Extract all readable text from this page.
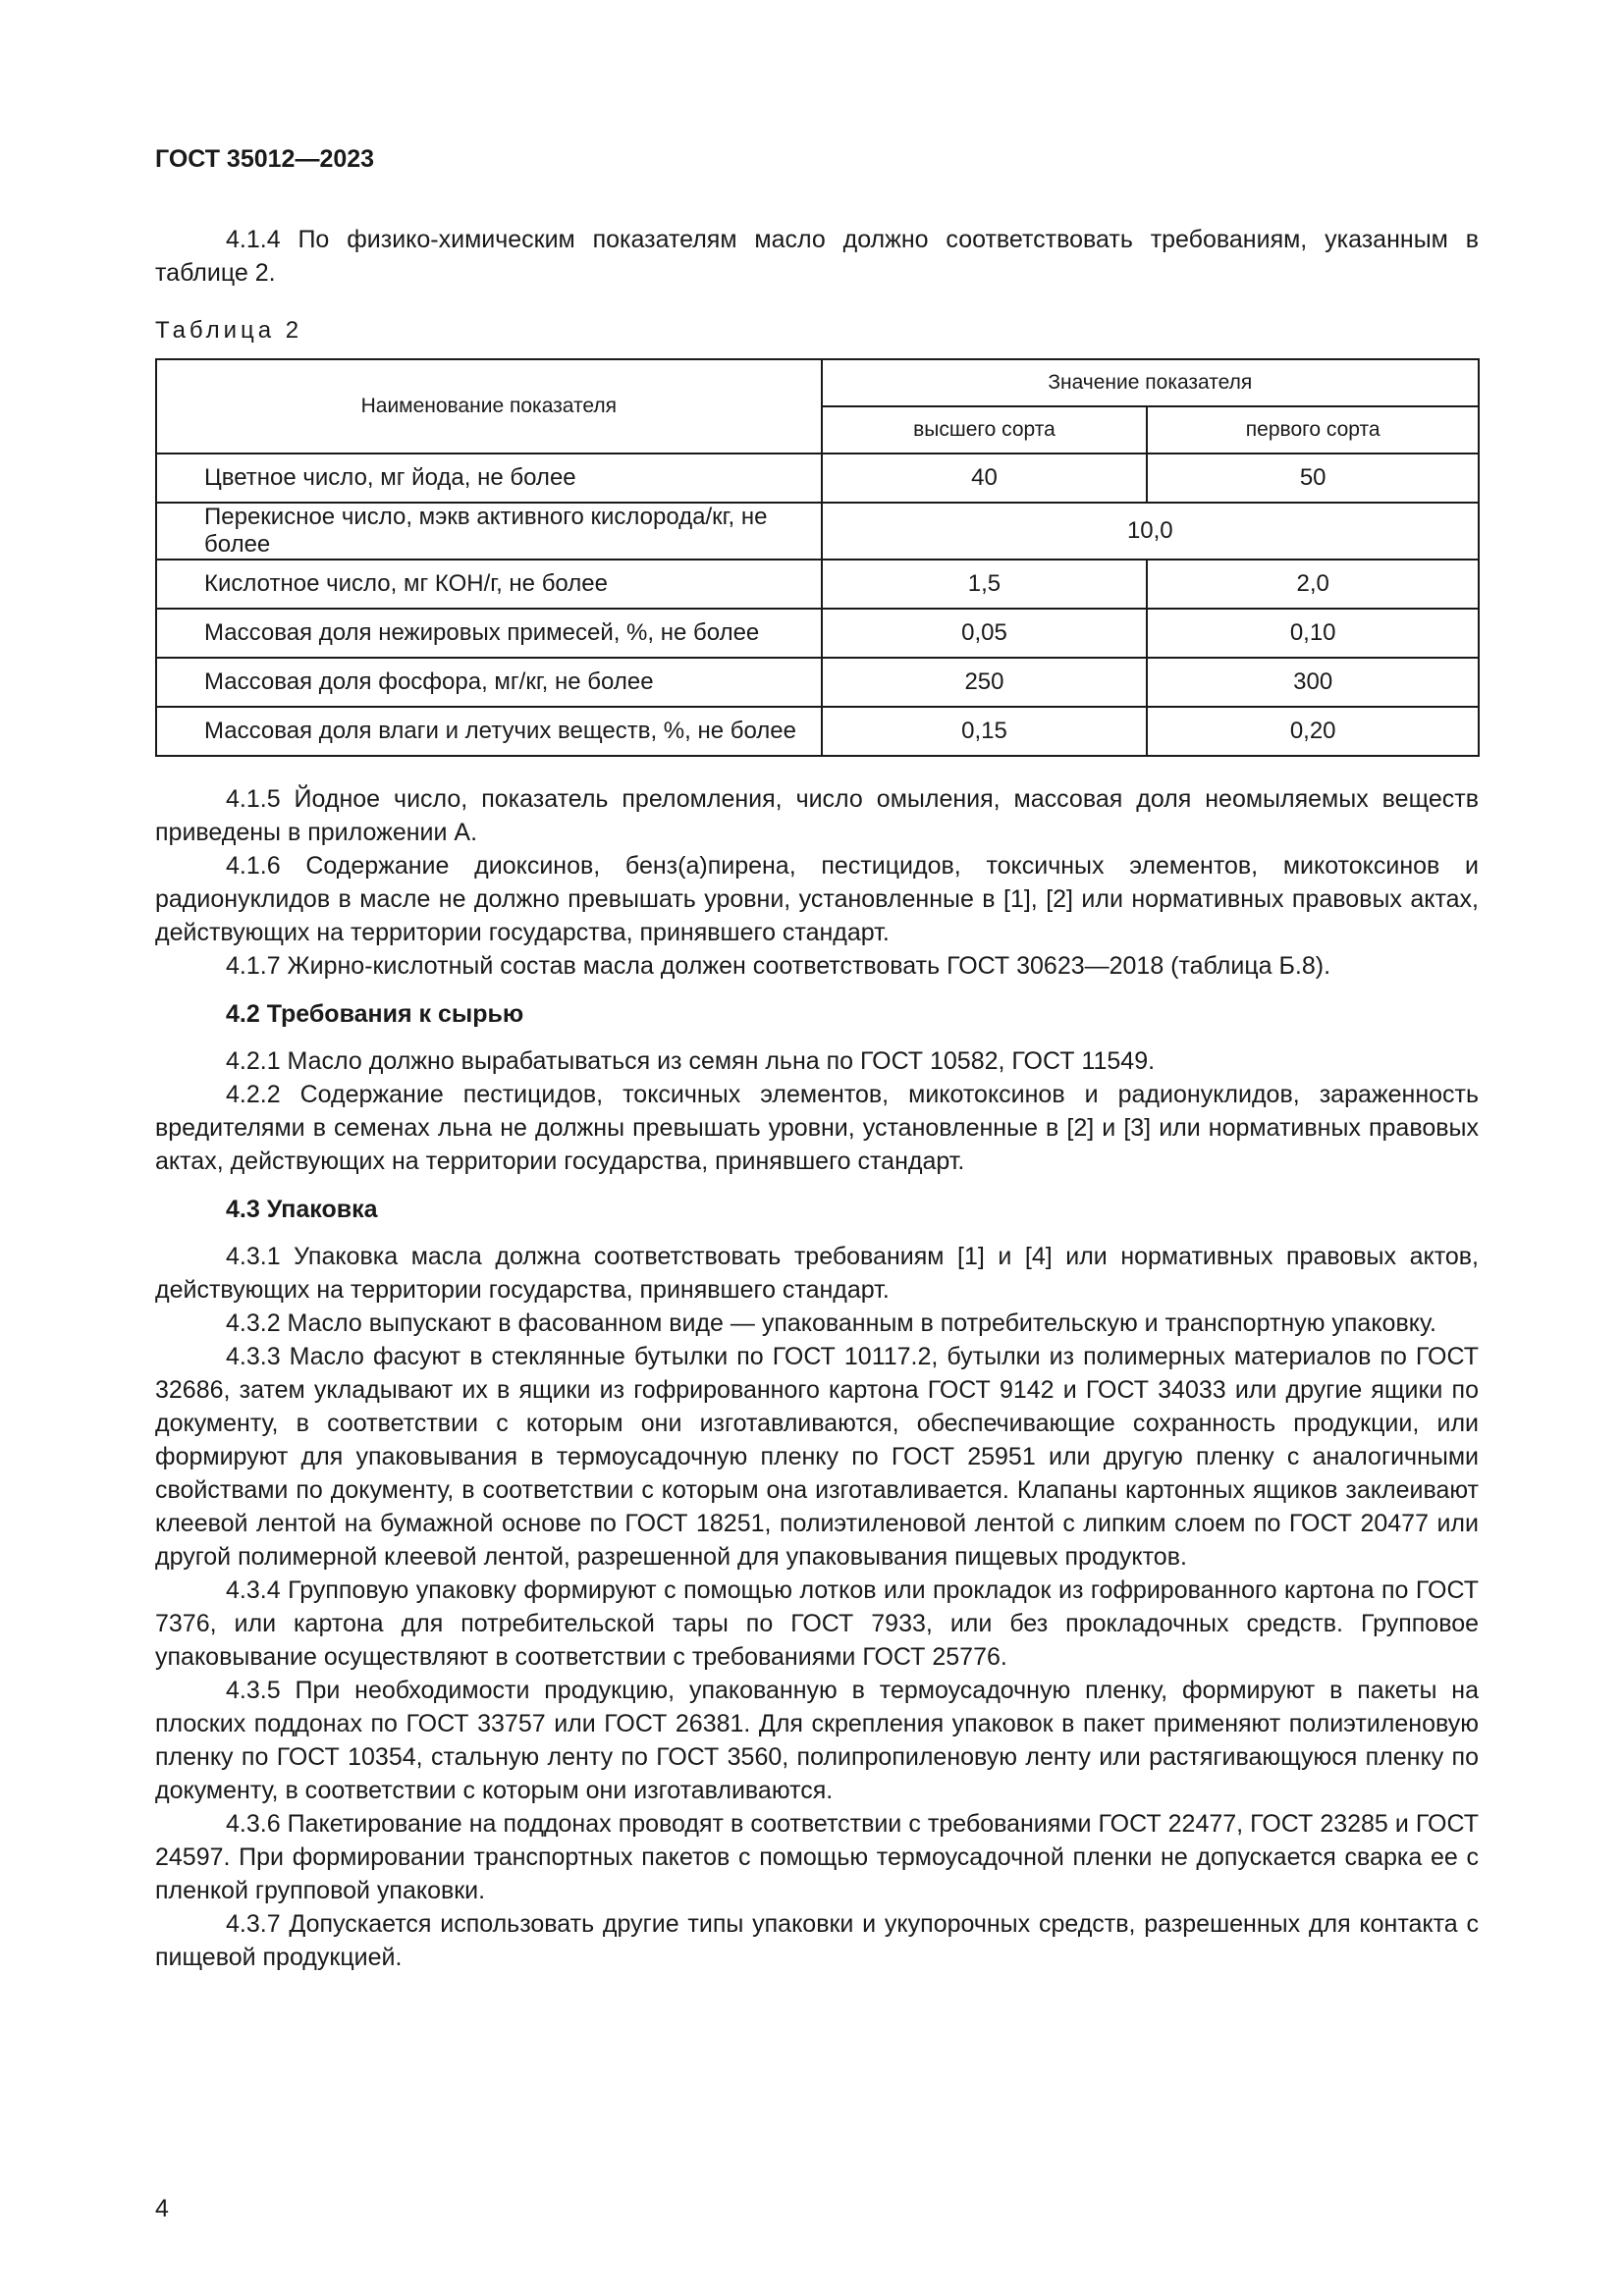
ГОСТ 35012—2023

4.1.4 По физико-химическим показателям масло должно соответствовать требованиям, указанным в таблице 2.

Таблица 2
Наименование показателя	Значение показателя	
	высшего сорта	первого сорта
Цветное число, мг йода, не более	40	50
Перекисное число, мэкв активного кислорода/кг, не более	10,0	
Кислотное число, мг КОН/г, не более	1,5	2,0
Массовая доля нежировых примесей, %, не более	0,05	0,10
Массовая доля фосфора, мг/кг, не более	250	300
Массовая доля влаги и летучих веществ, %, не более	0,15	0,20

4.1.5 Йодное число, показатель преломления, число омыления, массовая доля неомыляемых веществ приведены в приложении А.

4.1.6 Содержание диоксинов, бенз(а)пирена, пестицидов, токсичных элементов, микотоксинов и радионуклидов в масле не должно превышать уровни, установленные в [1], [2] или нормативных правовых актах, действующих на территории государства, принявшего стандарт.

4.1.7 Жирно-кислотный состав масла должен соответствовать ГОСТ 30623—2018 (таблица Б.8).

4.2 Требования к сырью

4.2.1 Масло должно вырабатываться из семян льна по ГОСТ 10582, ГОСТ 11549.

4.2.2 Содержание пестицидов, токсичных элементов, микотоксинов и радионуклидов, зараженность вредителями в семенах льна не должны превышать уровни, установленные в [2] и [3] или нормативных правовых актах, действующих на территории государства, принявшего стандарт.

4.3 Упаковка

4.3.1 Упаковка масла должна соответствовать требованиям [1] и [4] или нормативных правовых актов, действующих на территории государства, принявшего стандарт.

4.3.2 Масло выпускают в фасованном виде — упакованным в потребительскую и транспортную упаковку.

4.3.3 Масло фасуют в стеклянные бутылки по ГОСТ 10117.2, бутылки из полимерных материалов по ГОСТ 32686, затем укладывают их в ящики из гофрированного картона ГОСТ 9142 и ГОСТ 34033 или другие ящики по документу, в соответствии с которым они изготавливаются, обеспечивающие сохранность продукции, или формируют для упаковывания в термоусадочную пленку по ГОСТ 25951 или другую пленку с аналогичными свойствами по документу, в соответствии с которым она изготавливается. Клапаны картонных ящиков заклеивают клеевой лентой на бумажной основе по ГОСТ 18251, полиэтиленовой лентой с липким слоем по ГОСТ 20477 или другой полимерной клеевой лентой, разрешенной для упаковывания пищевых продуктов.

4.3.4 Групповую упаковку формируют с помощью лотков или прокладок из гофрированного картона по ГОСТ 7376, или картона для потребительской тары по ГОСТ 7933, или без прокладочных средств. Групповое упаковывание осуществляют в соответствии с требованиями ГОСТ 25776.

4.3.5 При необходимости продукцию, упакованную в термоусадочную пленку, формируют в пакеты на плоских поддонах по ГОСТ 33757 или ГОСТ 26381. Для скрепления упаковок в пакет применяют полиэтиленовую пленку по ГОСТ 10354, стальную ленту по ГОСТ 3560, полипропиленовую ленту или растягивающуюся пленку по документу, в соответствии с которым они изготавливаются.

4.3.6 Пакетирование на поддонах проводят в соответствии с требованиями ГОСТ 22477, ГОСТ 23285 и ГОСТ 24597. При формировании транспортных пакетов с помощью термоусадочной пленки не допускается сварка ее с пленкой групповой упаковки.

4.3.7 Допускается использовать другие типы упаковки и укупорочных средств, разрешенных для контакта с пищевой продукцией.

4
